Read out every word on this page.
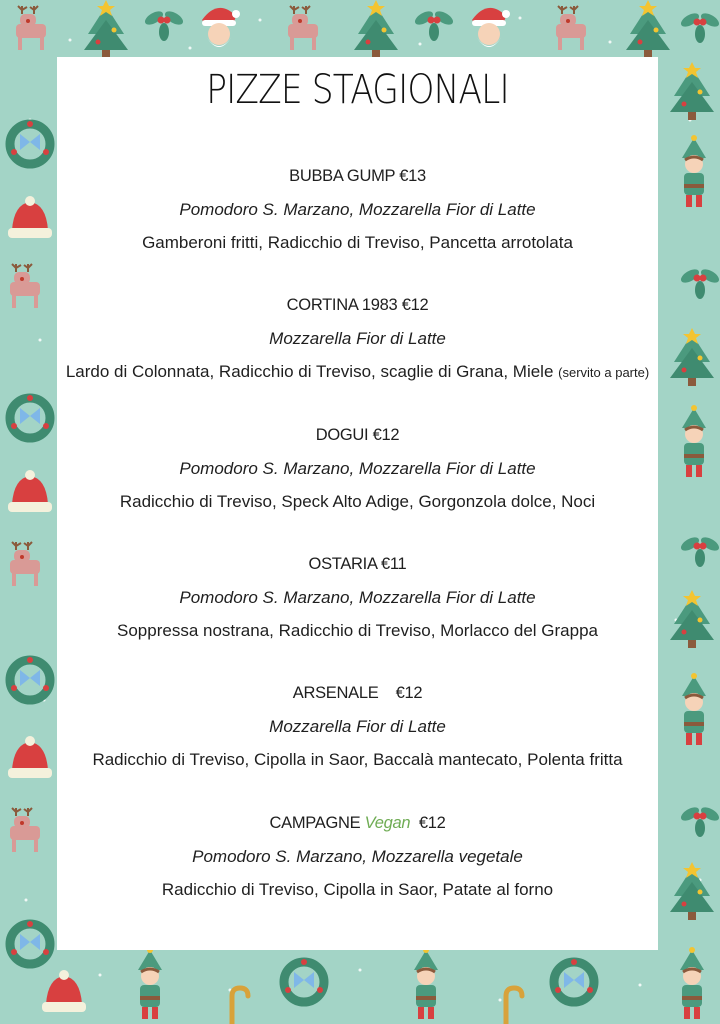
PIZZE STAGIONALI
BUBBA GUMP €13
Pomodoro S. Marzano, Mozzarella Fior di Latte
Gamberoni fritti, Radicchio di Treviso, Pancetta arrotolata
CORTINA 1983 €12
Mozzarella Fior di Latte
Lardo di Colonnata, Radicchio di Treviso, scaglie di Grana, Miele (servito a parte)
DOGUI €12
Pomodoro S. Marzano, Mozzarella Fior di Latte
Radicchio di Treviso, Speck Alto Adige, Gorgonzola dolce, Noci
OSTARIA €11
Pomodoro S. Marzano, Mozzarella Fior di Latte
Soppressa nostrana, Radicchio di Treviso, Morlacco del Grappa
ARSENALE €12
Mozzarella Fior di Latte
Radicchio di Treviso, Cipolla in Saor, Baccalà mantecato, Polenta fritta
CAMPAGNE Vegan €12
Pomodoro S. Marzano, Mozzarella vegetale
Radicchio di Treviso, Cipolla in Saor, Patate al forno
